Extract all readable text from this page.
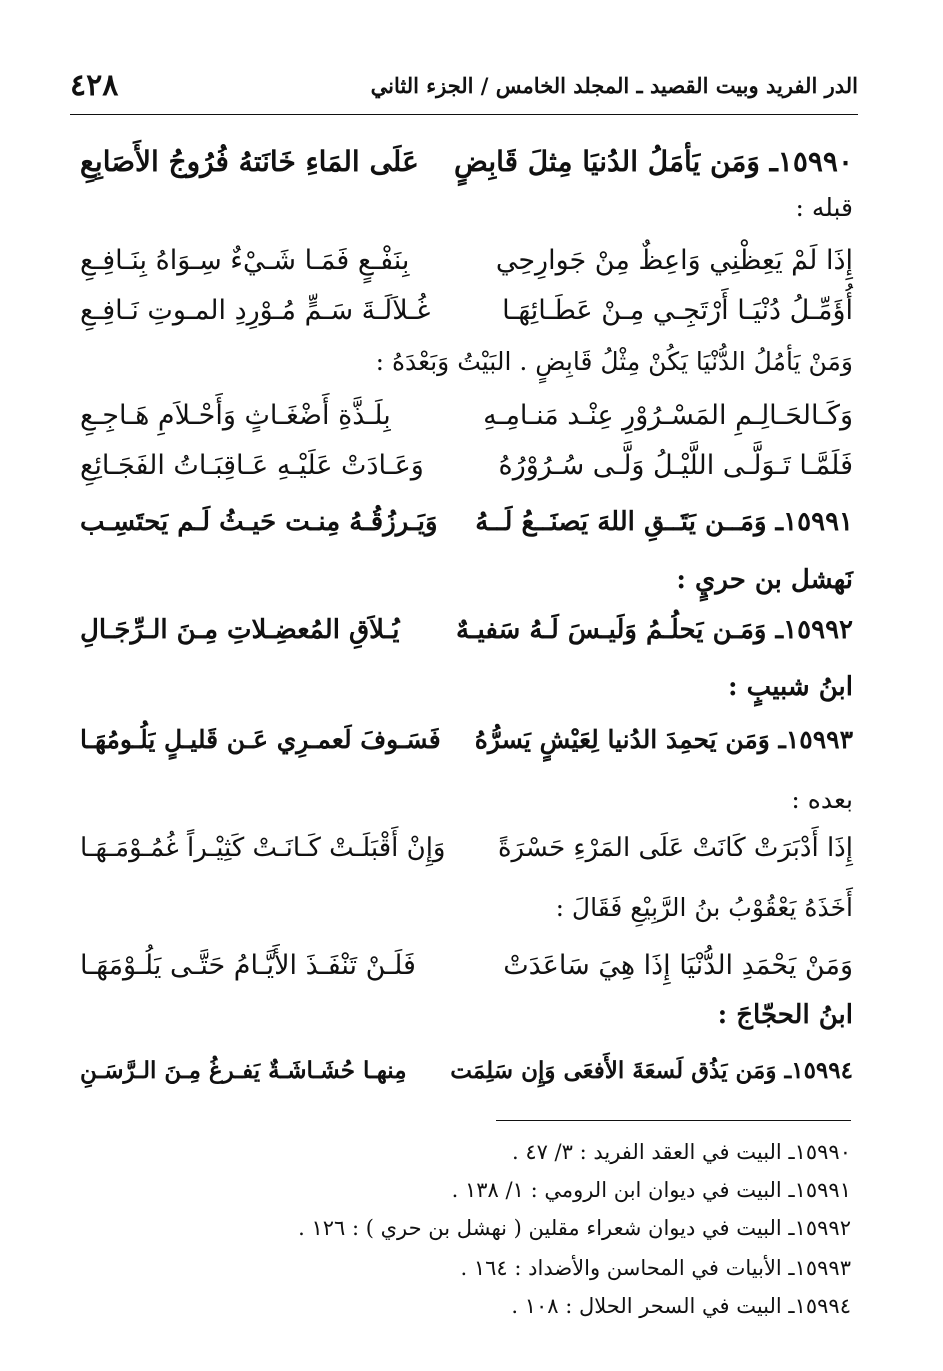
الدر الفريد وبيت القصيد ـ المجلد الخامس / الجزء الثاني
٤٢٨
١٥٩٩٠ـ وَمَن يَأمَلُ الدُنيَا مِثلَ قَابِضٍ
عَلَى المَاءِ خَانَتهُ فُرُوجُ الأَصَابِعِ
قبله :
إِذَا لَمْ يَعِظْنِي وَاعِظٌ مِنْ جَوارِحِي
بِنَفْـعٍ فَمَـا شَـيْءٌ سِـوَاهُ بِنَـافِـعِ
أُؤَمِّـلُ دُنْيَـا أَرْتَجِـي مِـنْ عَطَـائِهَـا
غُـلاَلَـةَ سَـمٍّ مُـوْرِدِ المـوتِ نَـافِـعِ
وَمَنْ يَأمُلُ الدُّنْيَا يَكُنْ مِثْلُ قَابِضٍ . البَيْتُ وَبَعْدَهُ :
وَكَـالحَـالِـمِ المَسْـرُوْرِ عِنْـد مَنـامِـهِ
بِلَـذَّةِ أَضْغَـاثٍ وَأَحْـلاَمِ هَـاجِـعِ
فَلَمَّـا تَـوَلَّـى اللَّيْـلُ وَلَّـى سُـرُوْرُهُ
وَعَـادَتْ عَلَيْـهِ عَـاقِبَـاتُ الفَجَـائِعِ
١٥٩٩١ـ وَمَــن يَتَــقِ اللهَ يَصنَــعُ لَــهُ
وَيَـرزُقُـهُ مِنـت حَيـثُ لَـم يَحتَسِـب
نَهشل بن حريٍ :
١٥٩٩٢ـ وَمَـن يَحلُـمُ وَلَيـسَ لَـهُ سَفيـهٌ
يُـلاَقِ المُعضِـلاتِ مِـنَ الـرِّجَـالِ
ابنُ شبيبٍ :
١٥٩٩٣ـ وَمَن يَحمِدَ الدُنيا لِعَيْشٍ يَسرُّهُ
فَسَـوفَ لَعمـرِي عَـن قَليـلٍ يَلُـومُهَـا
بعده :
إِذَا أَدْبَرَتْ كَانَتْ عَلَى المَرْءِ حَسْرَةً
وَإِنْ أَقْبَلَـتْ كَـانَـتْ كَثِيْـراً غُمُـوْمَـهَـا
أَخَذَهُ يَعْقُوْبُ بنُ الرَّبِيْعِ فَقَالَ :
وَمَنْ يَحْمَدِ الدُّنْيَا إِذَا هِيَ سَاعَدَتْ
فَلَـنْ تَنْفَـذَ الأَيَّـامُ حَتَّـى يَلُـوْمَهَـا
ابنُ الحجّاجَ :
١٥٩٩٤ـ وَمَن يَذُق لَسعَةَ الأَفعَى وَإِن سَلِمَت
مِنهـا حُشَـاشَـةٌ يَفـرغُ مِـنَ الـرَّسَـنِ
١٥٩٩٠ـ البيت في العقد الفريد : ٣/ ٤٧ .
١٥٩٩١ـ البيت في ديوان ابن الرومي : ١/ ١٣٨ .
١٥٩٩٢ـ البيت في ديوان شعراء مقلين ( نهشل بن حري ) : ١٢٦ .
١٥٩٩٣ـ الأبيات في المحاسن والأضداد : ١٦٤ .
١٥٩٩٤ـ البيت في السحر الحلال : ١٠٨ .
